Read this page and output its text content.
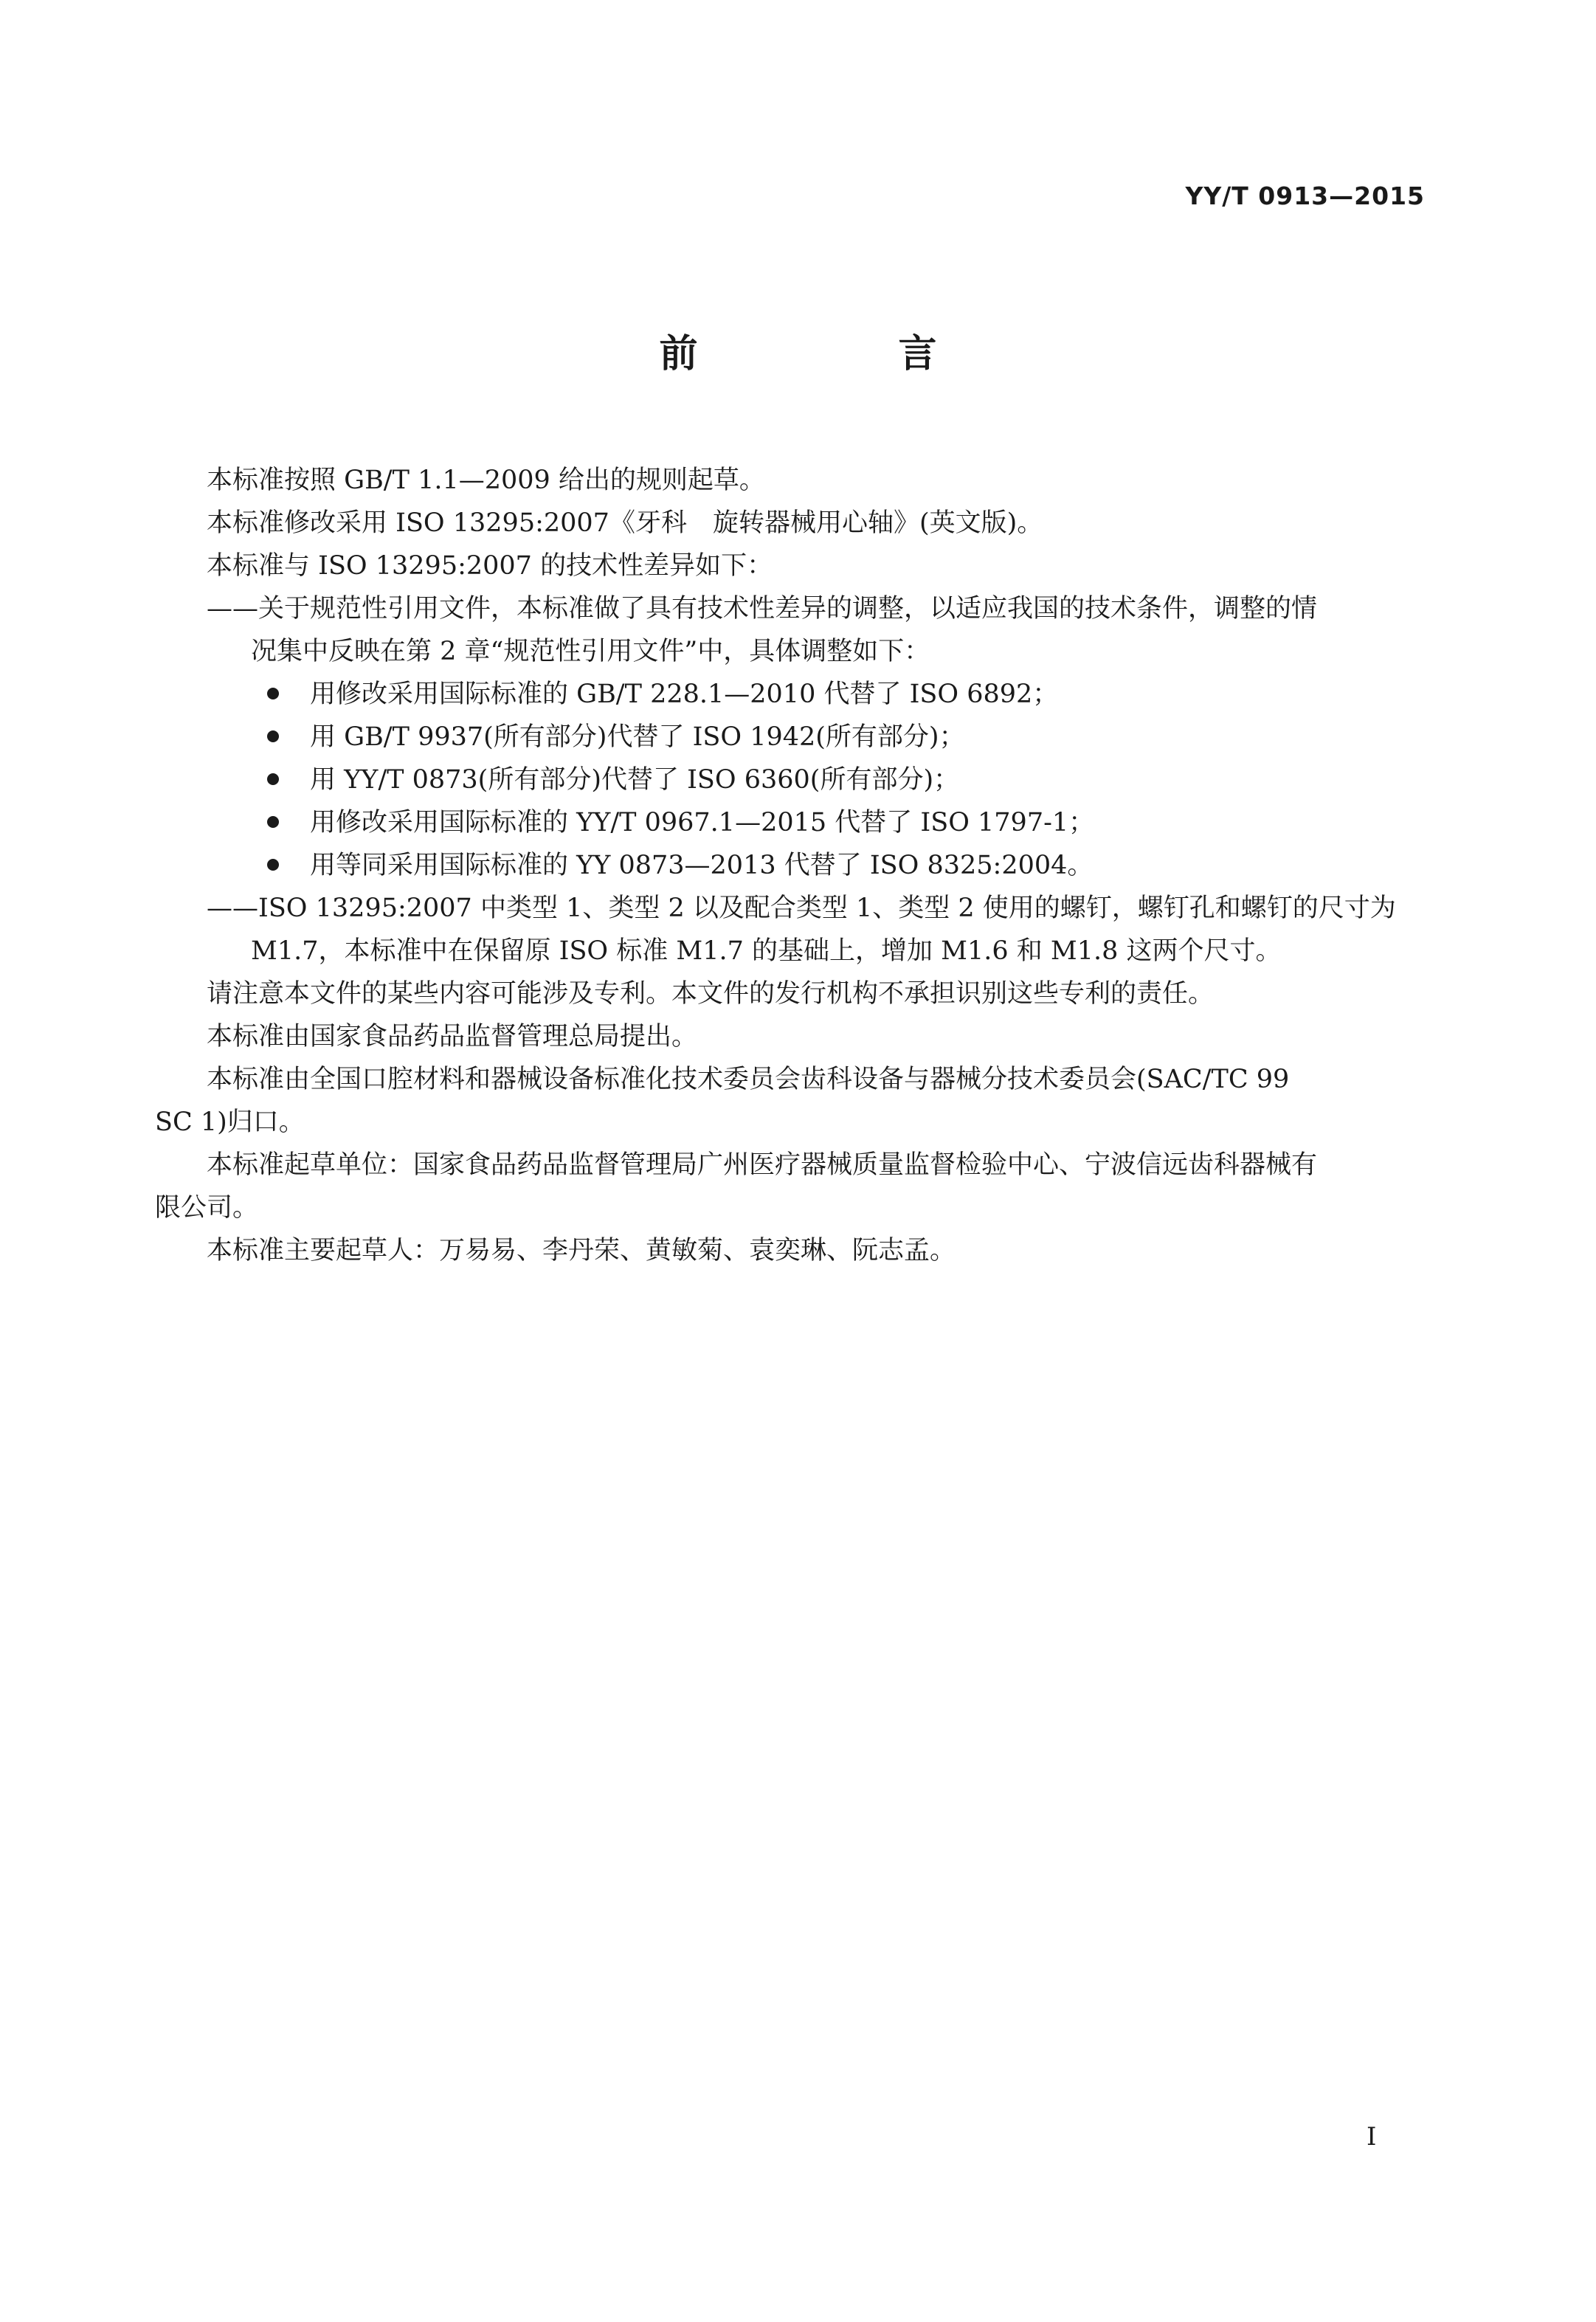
YY/T 0913—2015
前　言
本标准按照 GB/T 1.1—2009 给出的规则起草。
本标准修改采用 ISO 13295:2007《牙科　旋转器械用心轴》(英文版)。
本标准与 ISO 13295:2007 的技术性差异如下：
——关于规范性引用文件，本标准做了具有技术性差异的调整，以适应我国的技术条件，调整的情
况集中反映在第 2 章“规范性引用文件”中，具体调整如下：
用修改采用国际标准的 GB/T 228.1—2010 代替了 ISO 6892；
用 GB/T 9937(所有部分)代替了 ISO 1942(所有部分)；
用 YY/T 0873(所有部分)代替了 ISO 6360(所有部分)；
用修改采用国际标准的 YY/T 0967.1—2015 代替了 ISO 1797-1；
用等同采用国际标准的 YY 0873—2013 代替了 ISO 8325:2004。
——ISO 13295:2007 中类型 1、类型 2 以及配合类型 1、类型 2 使用的螺钉，螺钉孔和螺钉的尺寸为
M1.7，本标准中在保留原 ISO 标准 M1.7 的基础上，增加 M1.6 和 M1.8 这两个尺寸。
请注意本文件的某些内容可能涉及专利。本文件的发行机构不承担识别这些专利的责任。
本标准由国家食品药品监督管理总局提出。
本标准由全国口腔材料和器械设备标准化技术委员会齿科设备与器械分技术委员会(SAC/TC 99
SC 1)归口。
本标准起草单位：国家食品药品监督管理局广州医疗器械质量监督检验中心、宁波信远齿科器械有
限公司。
本标准主要起草人：万易易、李丹荣、黄敏菊、袁奕琳、阮志孟。
I
